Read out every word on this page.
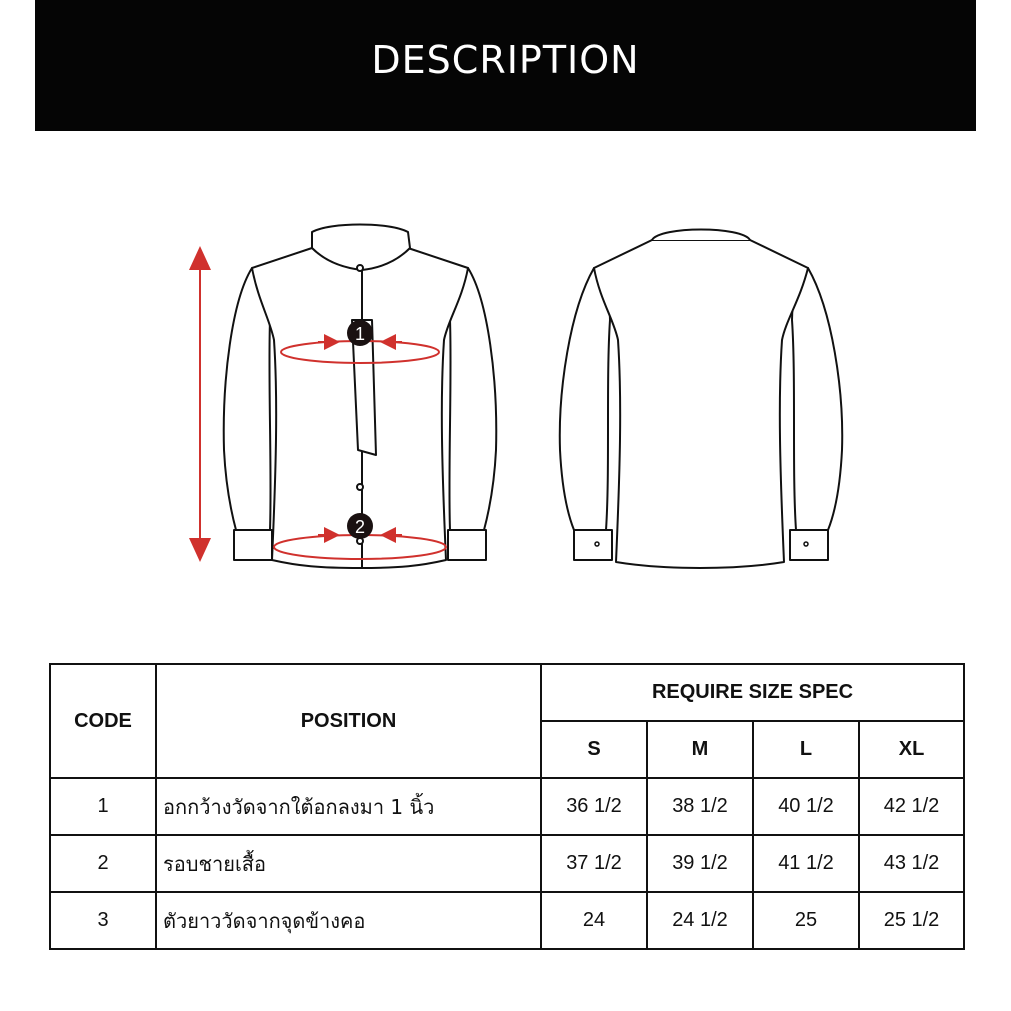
DESCRIPTION
1
2
CODE	POSITION	REQUIRE SIZE SPEC			
		S	M	L	XL
1	อกกว้างวัดจากใต้อกลงมา 1 นิ้ว	36 1/2	38 1/2	40 1/2	42 1/2
2	รอบชายเสื้อ	37 1/2	39 1/2	41 1/2	43 1/2
3	ตัวยาววัดจากจุดข้างคอ	24	24 1/2	25	25 1/2
